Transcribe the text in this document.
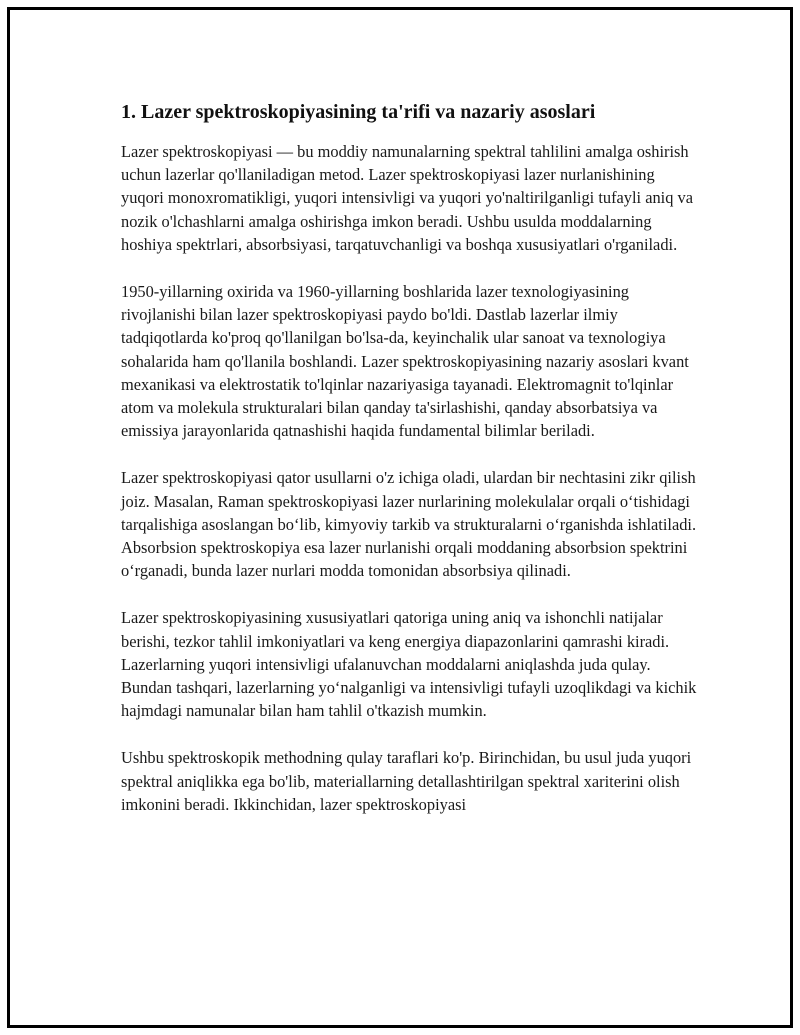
1. Lazer spektroskopiyasining ta'rifi va nazariy asoslari

Lazer spektroskopiyasi — bu moddiy namunalarning spektral tahlilini amalga oshirish uchun lazerlar qo'llaniladigan metod. Lazer spektroskopiyasi lazer nurlanishining yuqori monoxromatikligi, yuqori intensivligi va yuqori yo'naltirilganligi tufayli aniq va nozik o'lchashlarni amalga oshirishga imkon beradi. Ushbu usulda moddalarning hoshiya spektrlari, absorbsiyasi, tarqatuvchanligi va boshqa xususiyatlari o'rganiladi.

1950-yillarning oxirida va 1960-yillarning boshlarida lazer texnologiyasining rivojlanishi bilan lazer spektroskopiyasi paydo bo'ldi. Dastlab lazerlar ilmiy tadqiqotlarda ko'proq qo'llanilgan bo'lsa-da, keyinchalik ular sanoat va texnologiya sohalarida ham qo'llanila boshlandi. Lazer spektroskopiyasining nazariy asoslari kvant mexanikasi va elektrostatik to'lqinlar nazariyasiga tayanadi. Elektromagnit to'lqinlar atom va molekula strukturalari bilan qanday ta'sirlashishi, qanday absorbatsiya va emissiya jarayonlarida qatnashishi haqida fundamental bilimlar beriladi.

Lazer spektroskopiyasi qator usullarni o'z ichiga oladi, ulardan bir nechtasini zikr qilish joiz. Masalan, Raman spektroskopiyasi lazer nurlarining molekulalar orqali o‘tishidagi tarqalishiga asoslangan bo‘lib, kimyoviy tarkib va strukturalarni o‘rganishda ishlatiladi. Absorbsion spektroskopiya esa lazer nurlanishi orqali moddaning absorbsion spektrini o‘rganadi, bunda lazer nurlari modda tomonidan absorbsiya qilinadi.

Lazer spektroskopiyasining xususiyatlari qatoriga uning aniq va ishonchli natijalar berishi, tezkor tahlil imkoniyatlari va keng energiya diapazonlarini qamrashi kiradi. Lazerlarning yuqori intensivligi ufalanuvchan moddalarni aniqlashda juda qulay. Bundan tashqari, lazerlarning yo‘nalganligi va intensivligi tufayli uzoqlikdagi va kichik hajmdagi namunalar bilan ham tahlil o'tkazish mumkin.

Ushbu spektroskopik methodning qulay taraflari ko'p. Birinchidan, bu usul juda yuqori spektral aniqlikka ega bo'lib, materiallarning detallashtirilgan spektral xariterini olish imkonini beradi. Ikkinchidan, lazer spektroskopiyasi
